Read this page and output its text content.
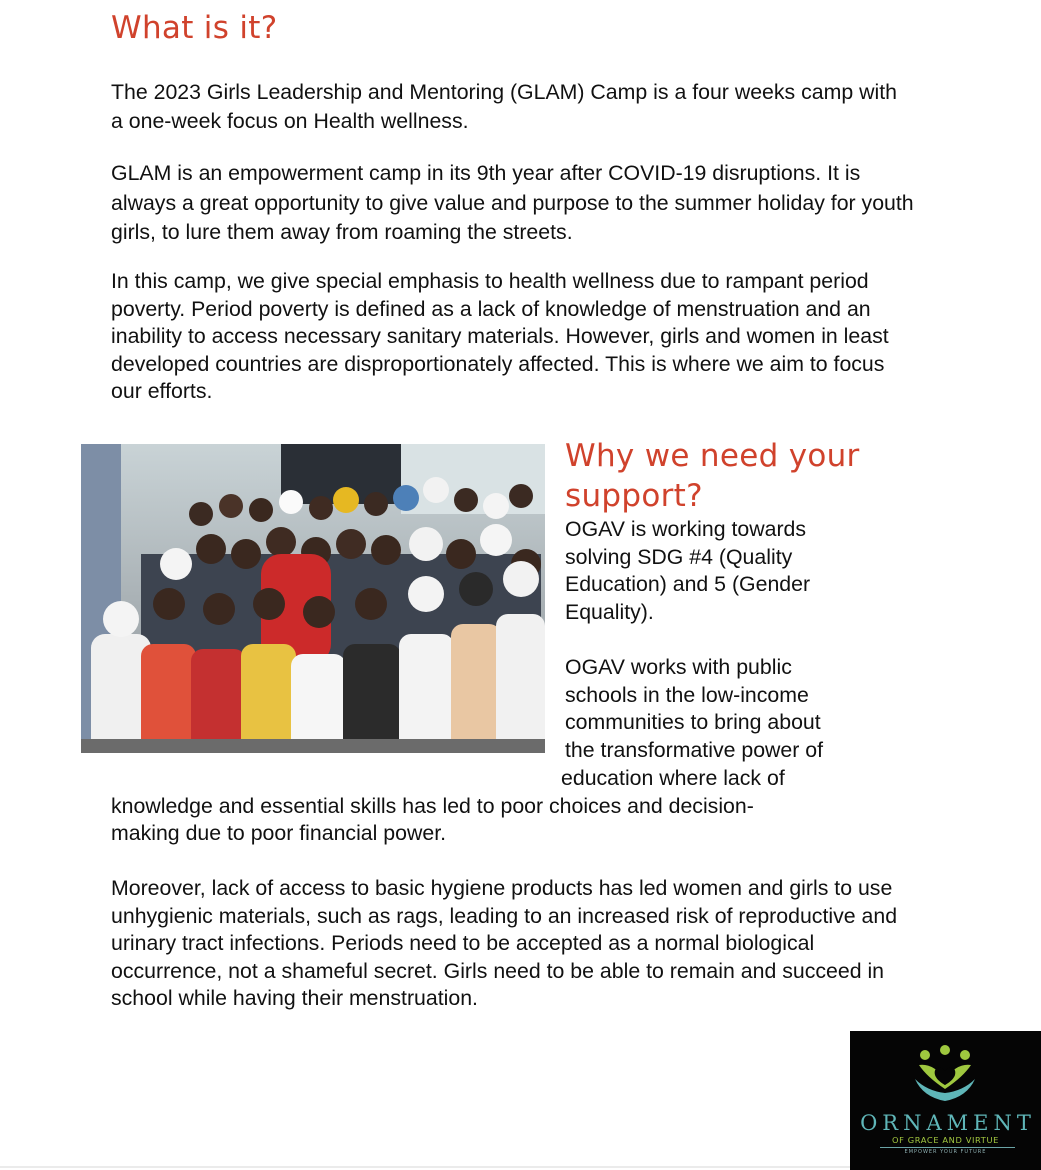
What is it?

The 2023 Girls Leadership and Mentoring (GLAM) Camp is a four weeks camp with a one-week focus on Health wellness.

GLAM is an empowerment camp in its 9th year after COVID-19 disruptions. It is always a great opportunity to give value and purpose to the summer holiday for youth girls, to lure them away from roaming the streets.

In this camp, we give special emphasis to health wellness due to rampant period poverty. Period poverty is defined as a lack of knowledge of menstruation and an inability to access necessary sanitary materials. However, girls and women in least developed countries are disproportionately affected. This is where we aim to focus our efforts.

Why we need your support?

OGAV is working towards solving SDG #4 (Quality Education) and 5 (Gender Equality).

OGAV works with public
schools in the low-income
communities to bring about
the transformative power of
education where lack of
knowledge and essential skills has led to poor choices and decision-
making due to poor financial power.

Moreover, lack of access to basic hygiene products has led women and girls to use unhygienic materials, such as rags, leading to an increased risk of reproductive and urinary tract infections. Periods need to be accepted as a normal biological occurrence, not a shameful secret. Girls need to be able to remain and succeed in school while having their menstruation.

ORNAMENT
OF GRACE AND VIRTUE
EMPOWER YOUR FUTURE
